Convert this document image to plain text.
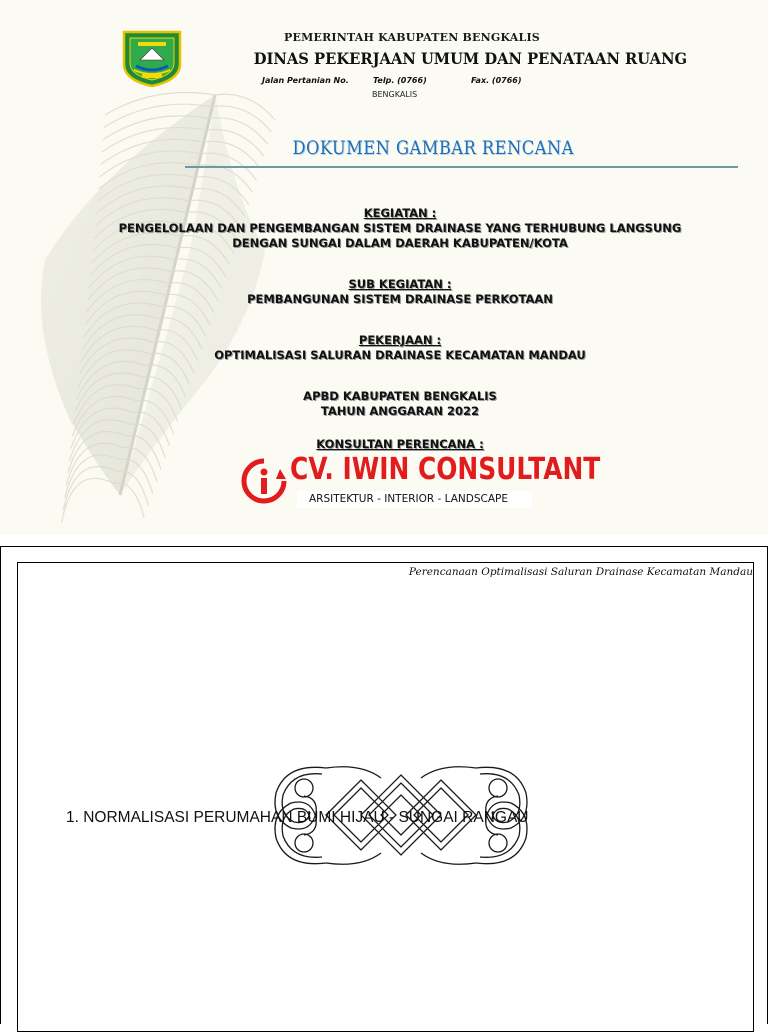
PEMERINTAH KABUPATEN BENGKALIS
DINAS PEKERJAAN UMUM DAN PENATAAN RUANG
Jalan Pertanian No.	Telp. (0766)	Fax. (0766)
BENGKALIS
DOKUMEN GAMBAR RENCANA
KEGIATAN :
PENGELOLAAN DAN PENGEMBANGAN SISTEM DRAINASE YANG TERHUBUNG LANGSUNG
DENGAN SUNGAI DALAM DAERAH KABUPATEN/KOTA
SUB KEGIATAN :
PEMBANGUNAN SISTEM DRAINASE PERKOTAAN
PEKERJAAN :
OPTIMALISASI SALURAN DRAINASE KECAMATAN MANDAU
APBD KABUPATEN BENGKALIS
TAHUN ANGGARAN 2022
KONSULTAN PERENCANA :
CV. IWIN CONSULTANT
ARSITEKTUR - INTERIOR - LANDSCAPE
Perencanaan Optimalisasi Saluran Drainase Kecamatan Mandau
1. NORMALISASI PERUMAHAN BUMI HIJAU - SUNGAI RANGAU
